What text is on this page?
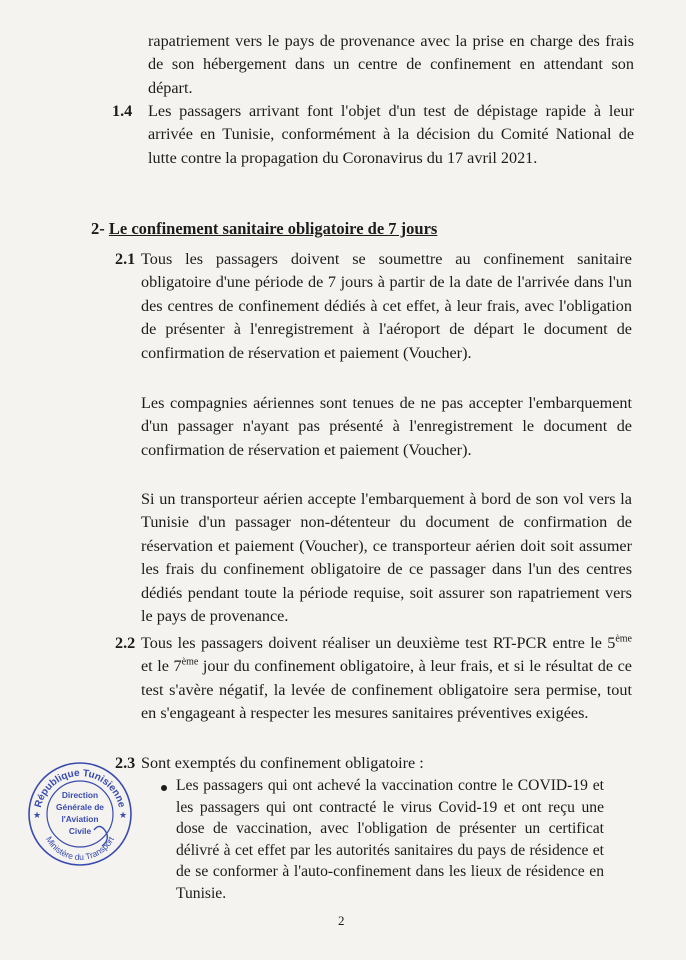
rapatriement vers le pays de provenance avec la prise en charge des frais de son hébergement dans un centre de confinement en attendant son départ.

1.4 Les passagers arrivant font l'objet d'un test de dépistage rapide à leur arrivée en Tunisie, conformément à la décision du Comité National de lutte contre la propagation du Coronavirus du 17 avril 2021.

2- Le confinement sanitaire obligatoire de 7 jours
2.1 Tous les passagers doivent se soumettre au confinement sanitaire obligatoire d'une période de 7 jours à partir de la date de l'arrivée dans l'un des centres de confinement dédiés à cet effet, à leur frais, avec l'obligation de présenter à l'enregistrement à l'aéroport de départ le document de confirmation de réservation et paiement (Voucher).

Les compagnies aériennes sont tenues de ne pas accepter l'embarquement d'un passager n'ayant pas présenté à l'enregistrement le document de confirmation de réservation et paiement (Voucher).

Si un transporteur aérien accepte l'embarquement à bord de son vol vers la Tunisie d'un passager non-détenteur du document de confirmation de réservation et paiement (Voucher), ce transporteur aérien doit soit assumer les frais du confinement obligatoire de ce passager dans l'un des centres dédiés pendant toute la période requise, soit assurer son rapatriement vers le pays de provenance.

2.2 Tous les passagers doivent réaliser un deuxième test RT-PCR entre le 5ème et le 7ème jour du confinement obligatoire, à leur frais, et si le résultat de ce test s'avère négatif, la levée de confinement obligatoire sera permise, tout en s'engageant à respecter les mesures sanitaires préventives exigées.

2.3 Sont exemptés du confinement obligatoire :

Les passagers qui ont achevé la vaccination contre le COVID-19 et les passagers qui ont contracté le virus Covid-19 et ont reçu une dose de vaccination, avec l'obligation de présenter un certificat délivré à cet effet par les autorités sanitaires du pays de résidence et de se conformer à l'auto-confinement dans les lieux de résidence en Tunisie.

République Tunisienne
Ministère du Transport
★	★
Direction
Générale de
l'Aviation
Civile
2
